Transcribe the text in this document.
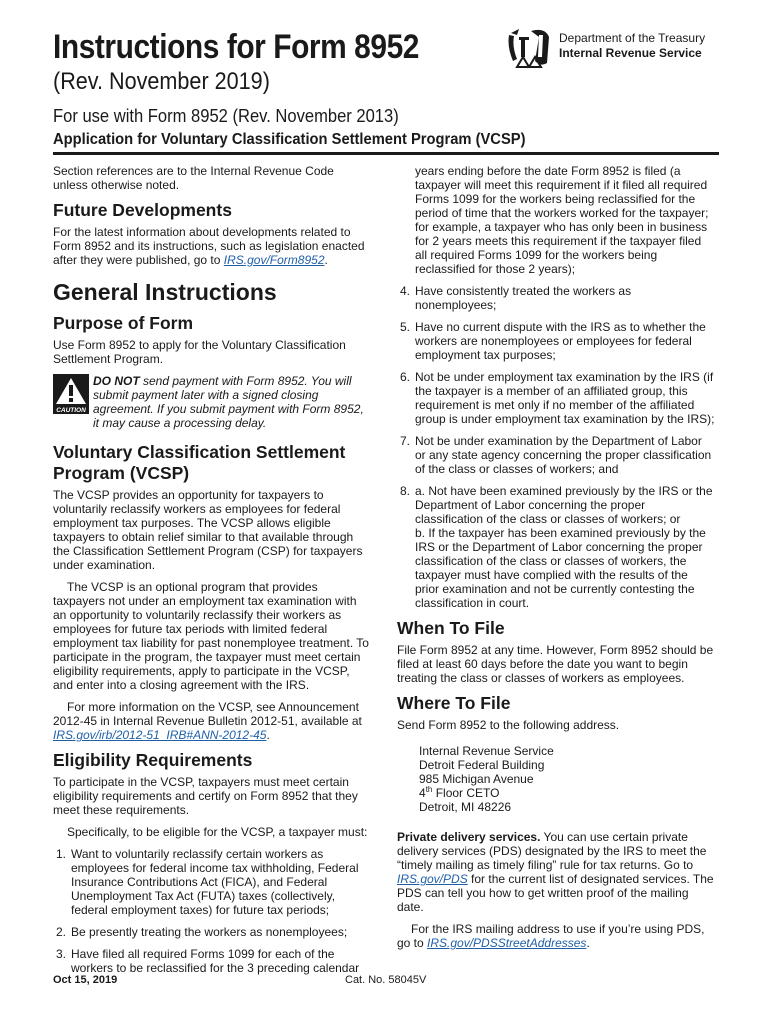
Instructions for Form 8952
(Rev. November 2019)
For use with Form 8952 (Rev. November 2013)
Application for Voluntary Classification Settlement Program (VCSP)
Department of the Treasury
Internal Revenue Service

Section references are to the Internal Revenue Code unless otherwise noted.

Future Developments

For the latest information about developments related to Form 8952 and its instructions, such as legislation enacted after they were published, go to IRS.gov/Form8952.

General Instructions
Purpose of Form

Use Form 8952 to apply for the Voluntary Classification Settlement Program.

CAUTION
DO NOT send payment with Form 8952. You will submit payment later with a signed closing agreement. If you submit payment with Form 8952, it may cause a processing delay.
Voluntary Classification Settlement Program (VCSP)

The VCSP provides an opportunity for taxpayers to voluntarily reclassify workers as employees for federal employment tax purposes. The VCSP allows eligible taxpayers to obtain relief similar to that available through the Classification Settlement Program (CSP) for taxpayers under examination.

The VCSP is an optional program that provides taxpayers not under an employment tax examination with an opportunity to voluntarily reclassify their workers as employees for future tax periods with limited federal employment tax liability for past nonemployee treatment. To participate in the program, the taxpayer must meet certain eligibility requirements, apply to participate in the VCSP, and enter into a closing agreement with the IRS.

For more information on the VCSP, see Announcement 2012-45 in Internal Revenue Bulletin 2012-51, available at IRS.gov/irb/2012-51_IRB#ANN-2012-45.

Eligibility Requirements

To participate in the VCSP, taxpayers must meet certain eligibility requirements and certify on Form 8952 that they meet these requirements.

Specifically, to be eligible for the VCSP, a taxpayer must:

1. Want to voluntarily reclassify certain workers as employees for federal income tax withholding, Federal Insurance Contributions Act (FICA), and Federal Unemployment Tax Act (FUTA) taxes (collectively, federal employment taxes) for future tax periods;
2. Be presently treating the workers as nonemployees;
3. Have filed all required Forms 1099 for each of the workers to be reclassified for the 3 preceding calendar
years ending before the date Form 8952 is filed (a taxpayer will meet this requirement if it filed all required Forms 1099 for the workers being reclassified for the period of time that the workers worked for the taxpayer; for example, a taxpayer who has only been in business for 2 years meets this requirement if the taxpayer filed all required Forms 1099 for the workers being reclassified for those 2 years);
4. Have consistently treated the workers as nonemployees;
5. Have no current dispute with the IRS as to whether the workers are nonemployees or employees for federal employment tax purposes;
6. Not be under employment tax examination by the IRS (if the taxpayer is a member of an affiliated group, this requirement is met only if no member of the affiliated group is under employment tax examination by the IRS);
7. Not be under examination by the Department of Labor or any state agency concerning the proper classification of the class or classes of workers; and
8. a. Not have been examined previously by the IRS or the Department of Labor concerning the proper classification of the class or classes of workers; or
b. If the taxpayer has been examined previously by the IRS or the Department of Labor concerning the proper classification of the class or classes of workers, the taxpayer must have complied with the results of the prior examination and not be currently contesting the classification in court.
When To File

File Form 8952 at any time. However, Form 8952 should be filed at least 60 days before the date you want to begin treating the class or classes of workers as employees.

Where To File

Send Form 8952 to the following address.

Internal Revenue Service
Detroit Federal Building
985 Michigan Avenue
4th Floor CETO
Detroit, MI 48226

Private delivery services. You can use certain private delivery services (PDS) designated by the IRS to meet the “timely mailing as timely filing” rule for tax returns. Go to IRS.gov/PDS for the current list of designated services. The PDS can tell you how to get written proof of the mailing date.

For the IRS mailing address to use if you’re using PDS, go to IRS.gov/PDSStreetAddresses.

Oct 15, 2019	Cat. No. 58045V
